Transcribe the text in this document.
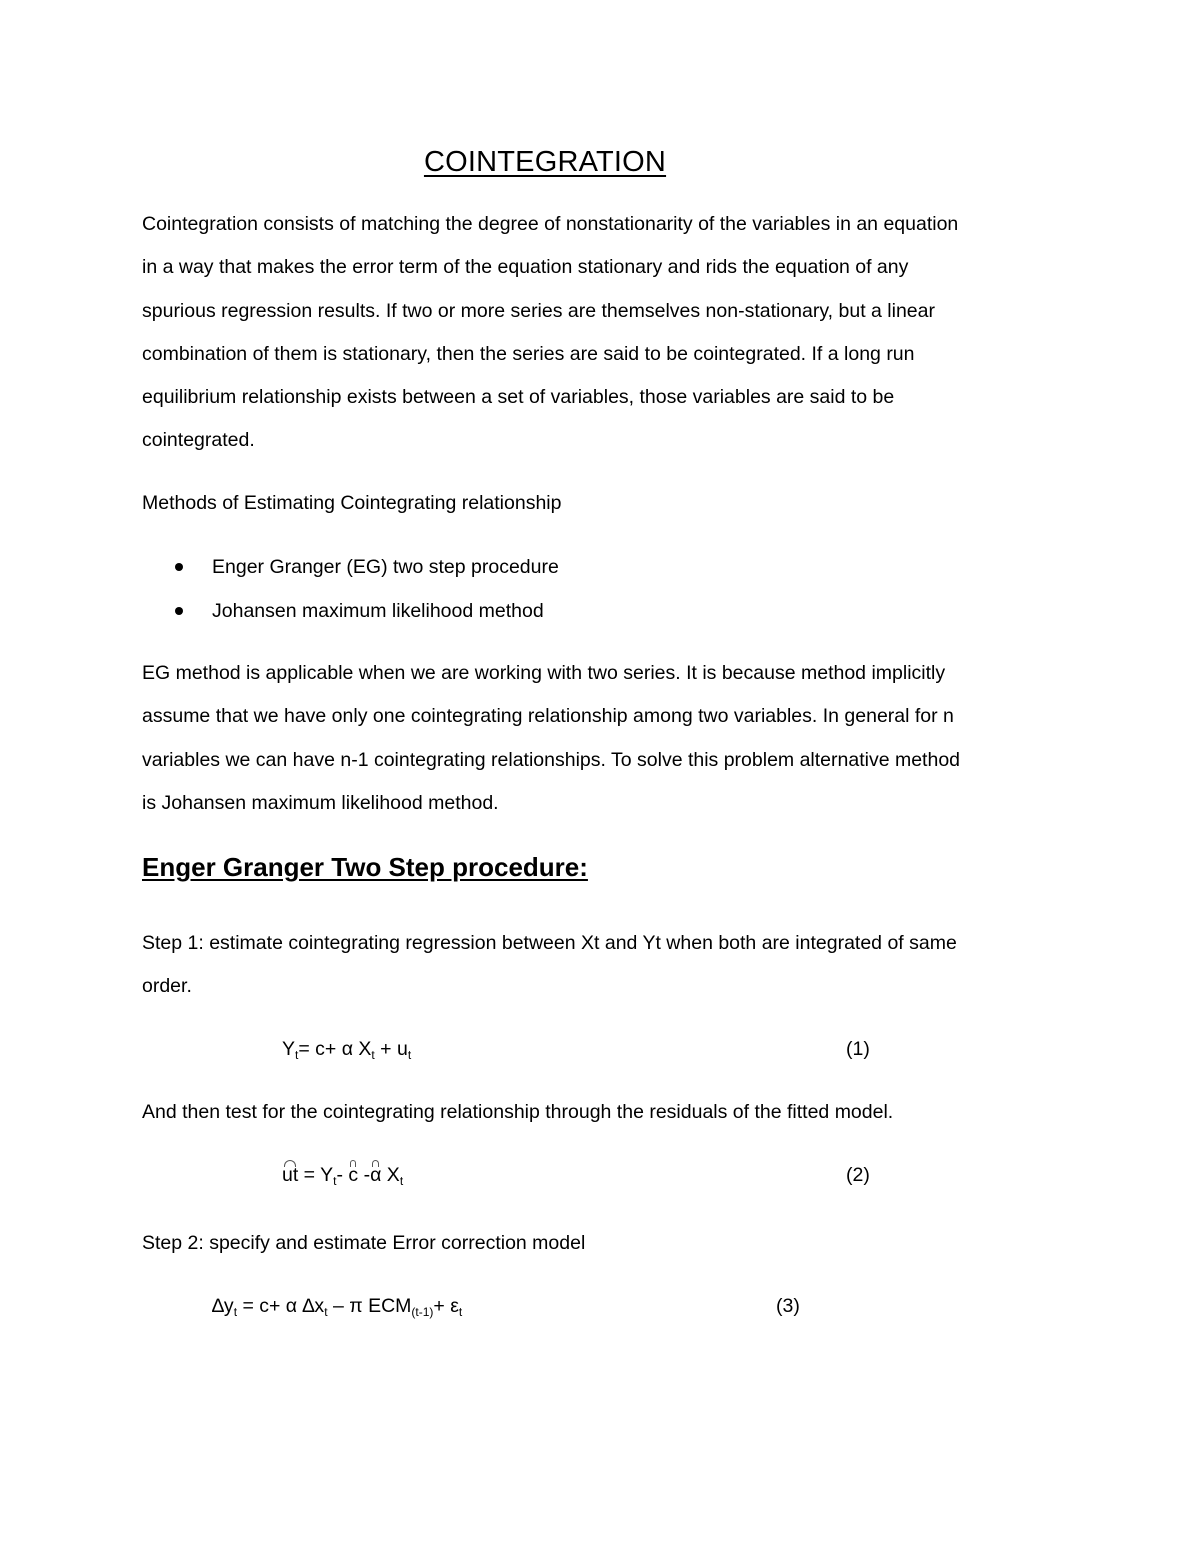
COINTEGRATION

Cointegration consists of matching the degree of nonstationarity of the variables in an equation
in a way that makes the error term of the equation stationary and rids the equation of any
spurious regression results. If two or more series are themselves non-stationary, but a linear
combination of them is stationary, then the series are said to be cointegrated. If a long run
equilibrium relationship exists between a set of variables, those variables are said to be
cointegrated.

Methods of Estimating Cointegrating relationship

Enger Granger (EG) two step procedure
Johansen maximum likelihood method

EG method is applicable when we are working with two series. It is because method implicitly
assume that we have only one cointegrating relationship among two variables. In general for n
variables we can have n-1 cointegrating relationships. To solve this problem alternative method
is Johansen maximum likelihood method.

Enger Granger Two Step procedure:

Step 1: estimate cointegrating regression between Xt and Yt when both are integrated of same
order.

$Y_t= c+ \alpha$ $X_t + u_t$	(1)

And then test for the cointegrating relationship through the residuals of the fitted model.

ut = $Y_t-$ c -α $X_t$	(2)

Step 2: specify and estimate Error correction model

$\Delta y_t = c+ \alpha$ $\Delta x_t$ – π $ECM_{(t-1)}+ \varepsilon_t$	(3)
